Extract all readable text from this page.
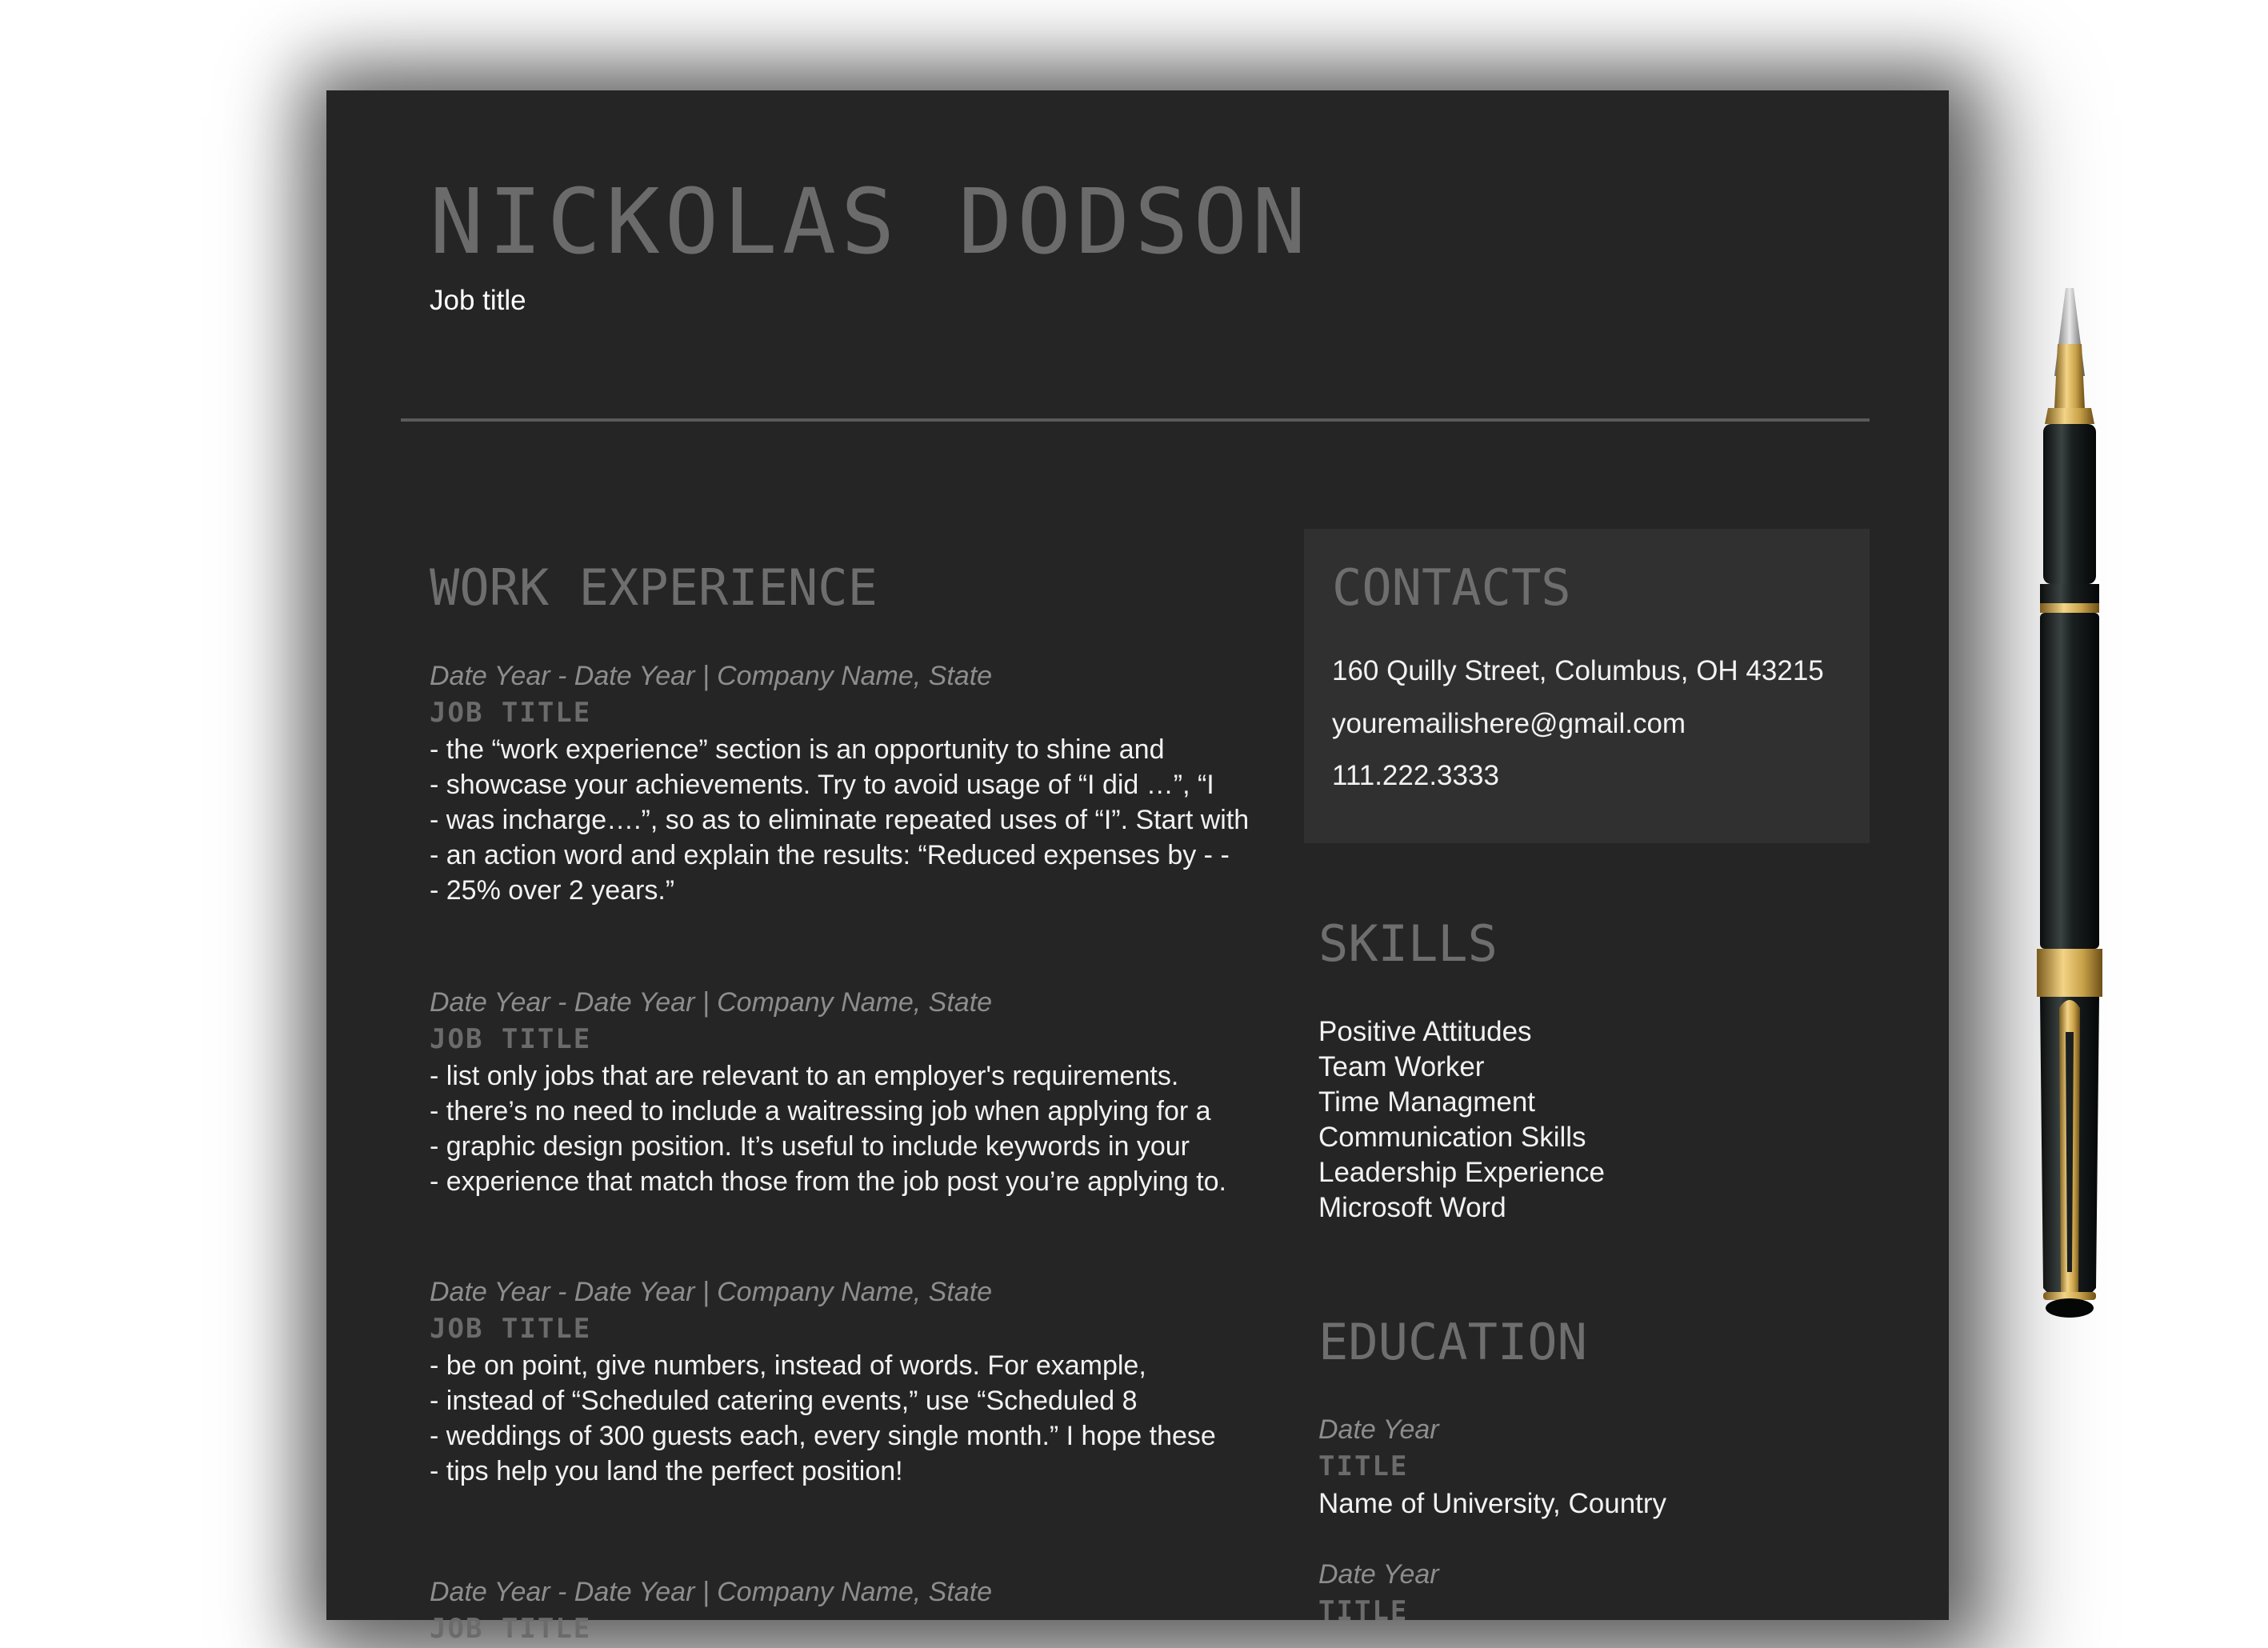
NICKOLAS DODSON
Job title
WORK EXPERIENCE
Date Year - Date Year | Company Name, State
JOB TITLE
- the “work experience” section is an opportunity to shine and
- showcase your achievements. Try to avoid usage of “I did …”, “I
- was incharge….”, so as to eliminate repeated uses of “I”. Start with
- an action word and explain the results: “Reduced expenses by - -
- 25% over 2 years.”
Date Year - Date Year | Company Name, State
JOB TITLE
- list only jobs that are relevant to an employer's requirements.
- there’s no need to include a waitressing job when applying for a
- graphic design position. It’s useful to include keywords in your
- experience that match those from the job post you’re applying to.
Date Year - Date Year | Company Name, State
JOB TITLE
- be on point, give numbers, instead of words. For example,
- instead of “Scheduled catering events,” use “Scheduled 8
- weddings of 300 guests each, every single month.” I hope these
- tips help you land the perfect position!
Date Year - Date Year | Company Name, State
JOB TITLE
CONTACTS
160 Quilly Street, Columbus, OH 43215
youremailishere@gmail.com
111.222.3333
SKILLS
Positive Attitudes
Team Worker
Time Managment
Communication Skills
Leadership Experience
Microsoft Word
EDUCATION
Date Year
TITLE
Name of University, Country
Date Year
TITLE
